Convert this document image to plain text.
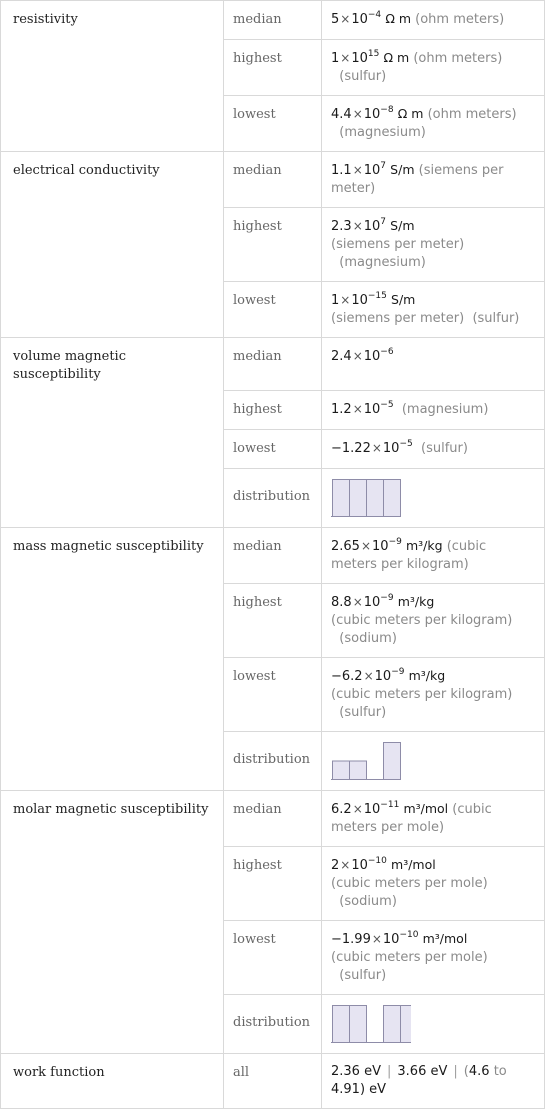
resistivity	median	$5\times 10^{-4}$ Ω m (ohm meters)
	highest	$1\times 10^{15}$ Ω m (ohm meters)
(sulfur)
	lowest	$4.4\times 10^{-8}$ Ω m (ohm meters)
(magnesium)
electrical conductivity	median	$1.1\times 10^7$ S/m (siemens per
meter)
	highest	$2.3\times 10^7$ S/m
(siemens per meter)
(magnesium)
	lowest	$1\times 10^{-15}$ S/m
(siemens per meter) (sulfur)
volume magnetic
susceptibility	median	$2.4\times 10^{-6}$
	highest	$1.2\times 10^{-5}$ (magnesium)
	lowest	$-1.22\times 10^{-5}$ (sulfur)
	distribution	

mass magnetic susceptibility	median	$2.65\times 10^{-9}$ m³/kg (cubic
meters per kilogram)
	highest	$8.8\times 10^{-9}$ m³/kg
(cubic meters per kilogram)
(sodium)
	lowest	$-6.2\times 10^{-9}$ m³/kg
(cubic meters per kilogram)
(sulfur)
	distribution	

molar magnetic susceptibility	median	$6.2\times 10^{-11}$ m³/mol (cubic
meters per mole)
	highest	$2\times 10^{-10}$ m³/mol
(cubic meters per mole)
(sodium)
	lowest	$-1.99\times 10^{-10}$ m³/mol
(cubic meters per mole)
(sulfur)
	distribution	

work function	all	2.36 eV | 3.66 eV | (4.6 to
4.91) eV
